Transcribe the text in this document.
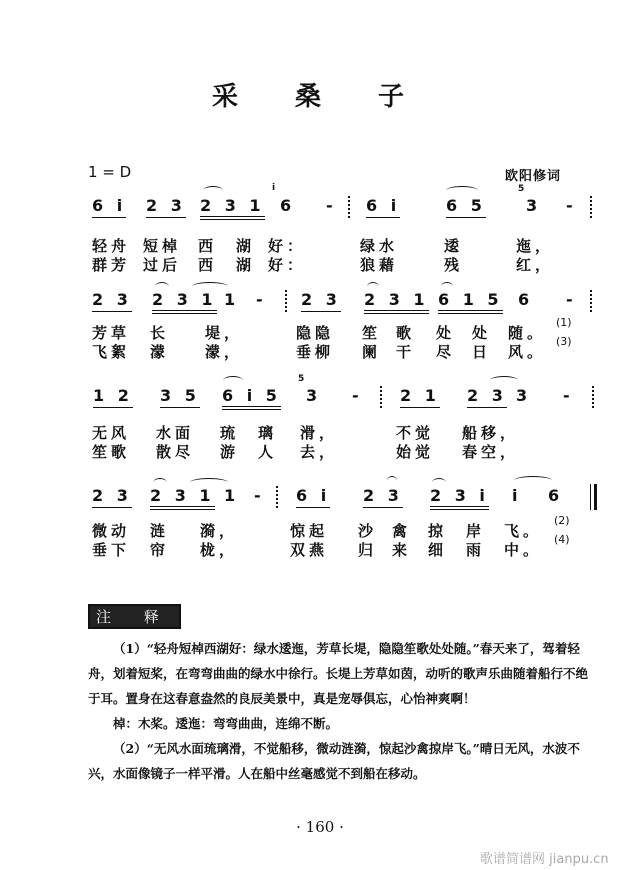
采 桑 子
1 = D	欧阳修词
6 i 2 3 2 3 1
i
6 - 6 i	6 5
5
3 -
轻舟 短棹 西 湖 好：	绿水	逶	迤，
群芳 过后 西 湖 好：	狼藉	残	红，
2 3 2 3 1 1 - 2 3 2 3 1 6 1 5 6 -
芳草 长 堤，	隐隐 笙 歌 处 处 随。
(1)
飞絮 濛 濛，	垂柳 阑 干 尽 日 风。
(3)
1 2 3 5 6 i 5
5
3 - 2 1 2 3 3 -
无风 水面 琉 璃 滑，	不觉 船移，
笙歌 散尽 游 人 去，	始觉 春空，
2 3 2 3 1 1 - 6 i 2 3 2 3 i i 6
微动 涟 漪，	惊起 沙 禽 掠 岸 飞。
(2)
垂下 帘 栊，	双燕 归 来 细 雨 中。
(4)
注 释

（1）“轻舟短棹西湖好：绿水逶迤，芳草长堤，隐隐笙歌处处随。”春天来了，驾着轻舟，划着短桨，在弯弯曲曲的绿水中徐行。长堤上芳草如茵，动听的歌声乐曲随着船行不绝于耳。置身在这春意盎然的良辰美景中，真是宠辱俱忘，心怡神爽啊！

棹：木桨。逶迤：弯弯曲曲，连绵不断。

（2）“无风水面琉璃滑，不觉船移，微动涟漪，惊起沙禽掠岸飞。”晴日无风，水波不兴，水面像镜子一样平滑。人在船中丝毫感觉不到船在移动。

· 160 ·
歌谱简谱网 jianpu.cn
